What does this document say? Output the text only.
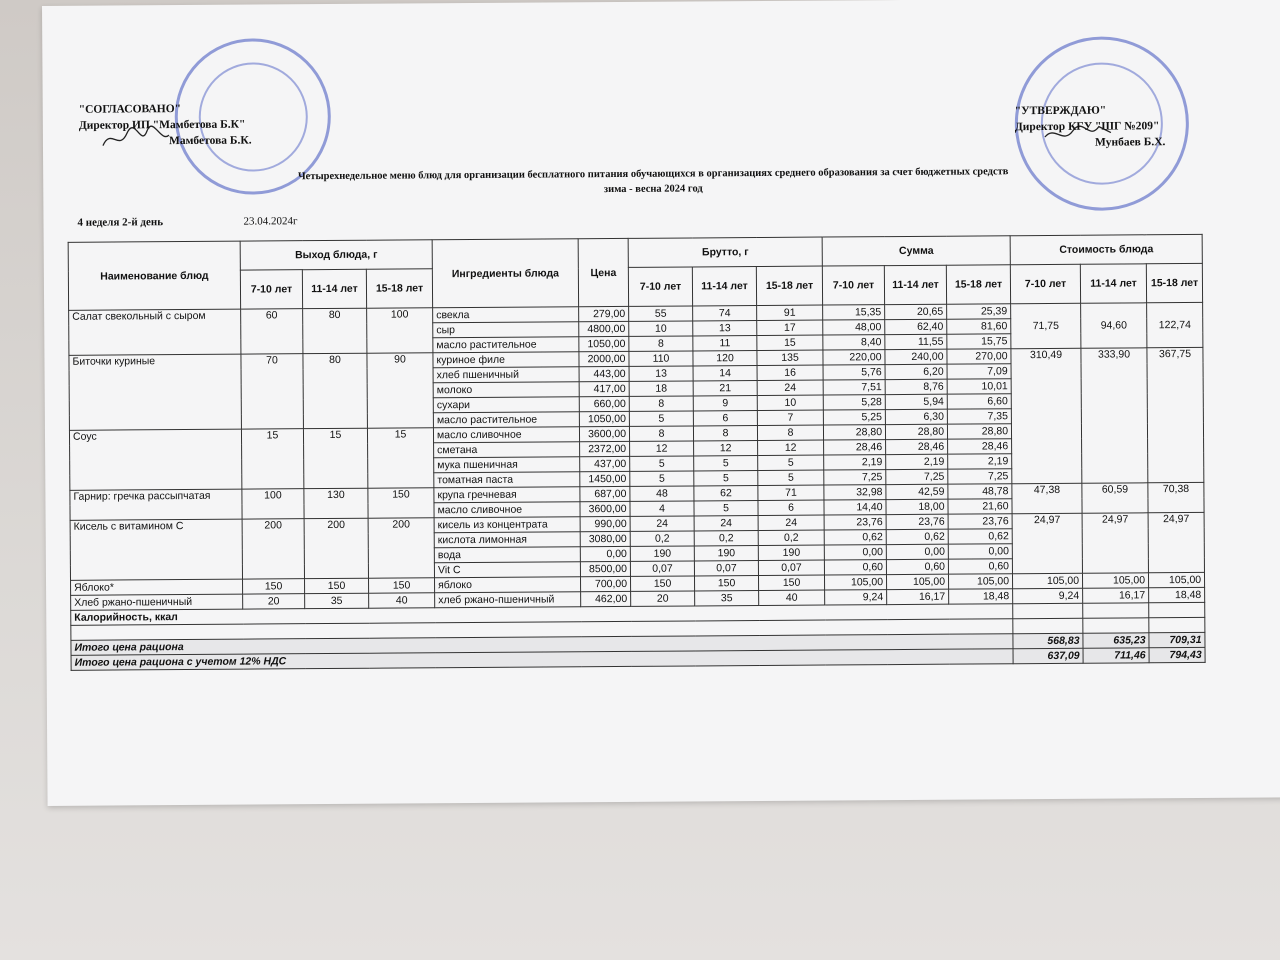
"СОГЛАСОВАНО"
Директор ИП "Мамбетова Б.К"
Мамбетова Б.К.
"УТВЕРЖДАЮ"
Директор КГУ "ШГ №209"
Мунбаев Б.Х.
Четырехнедельное меню блюд для организации бесплатного питания обучающихся в организациях среднего образования за счет бюджетных средств
зима - весна 2024 год
4 неделя 2-й день	23.04.2024г
Наименование блюд	Выход блюда, г			Ингредиенты блюда	Цена	Брутто, г			Сумма			Стоимость блюда		
	7-10 лет	11-14 лет	15-18 лет			7-10 лет	11-14 лет	15-18 лет	7-10 лет	11-14 лет	15-18 лет	7-10 лет	11-14 лет	15-18 лет
Салат свекольный с сыром	60	80	100	свекла	279,00	55	74	91	15,35	20,65	25,39	71,75	94,60	122,74
				сыр	4800,00	10	13	17	48,00	62,40	81,60			
				масло растительное	1050,00	8	11	15	8,40	11,55	15,75			
Биточки куриные	70	80	90	куриное филе	2000,00	110	120	135	220,00	240,00	270,00	310,49	333,90	367,75
				хлеб пшеничный	443,00	13	14	16	5,76	6,20	7,09			
				молоко	417,00	18	21	24	7,51	8,76	10,01			
				сухари	660,00	8	9	10	5,28	5,94	6,60			
				масло растительное	1050,00	5	6	7	5,25	6,30	7,35			
Соус	15	15	15	масло сливочное	3600,00	8	8	8	28,80	28,80	28,80			
				сметана	2372,00	12	12	12	28,46	28,46	28,46			
				мука пшеничная	437,00	5	5	5	2,19	2,19	2,19			
				томатная паста	1450,00	5	5	5	7,25	7,25	7,25			
Гарнир: гречка рассыпчатая	100	130	150	крупа гречневая	687,00	48	62	71	32,98	42,59	48,78	47,38	60,59	70,38
				масло сливочное	3600,00	4	5	6	14,40	18,00	21,60			
Кисель с витамином С	200	200	200	кисель из концентрата	990,00	24	24	24	23,76	23,76	23,76	24,97	24,97	24,97
				кислота лимонная	3080,00	0,2	0,2	0,2	0,62	0,62	0,62			
				вода	0,00	190	190	190	0,00	0,00	0,00			
				Vit C	8500,00	0,07	0,07	0,07	0,60	0,60	0,60			
Яблоко*	150	150	150	яблоко	700,00	150	150	150	105,00	105,00	105,00	105,00	105,00	105,00
Хлеб ржано-пшеничный	20	35	40	хлеб ржано-пшеничный	462,00	20	35	40	9,24	16,17	18,48	9,24	16,17	18,48
Калорийность, ккал														

Итого цена рациона												568,83	635,23	709,31
Итого цена рациона с учетом 12% НДС												637,09	711,46	794,43
